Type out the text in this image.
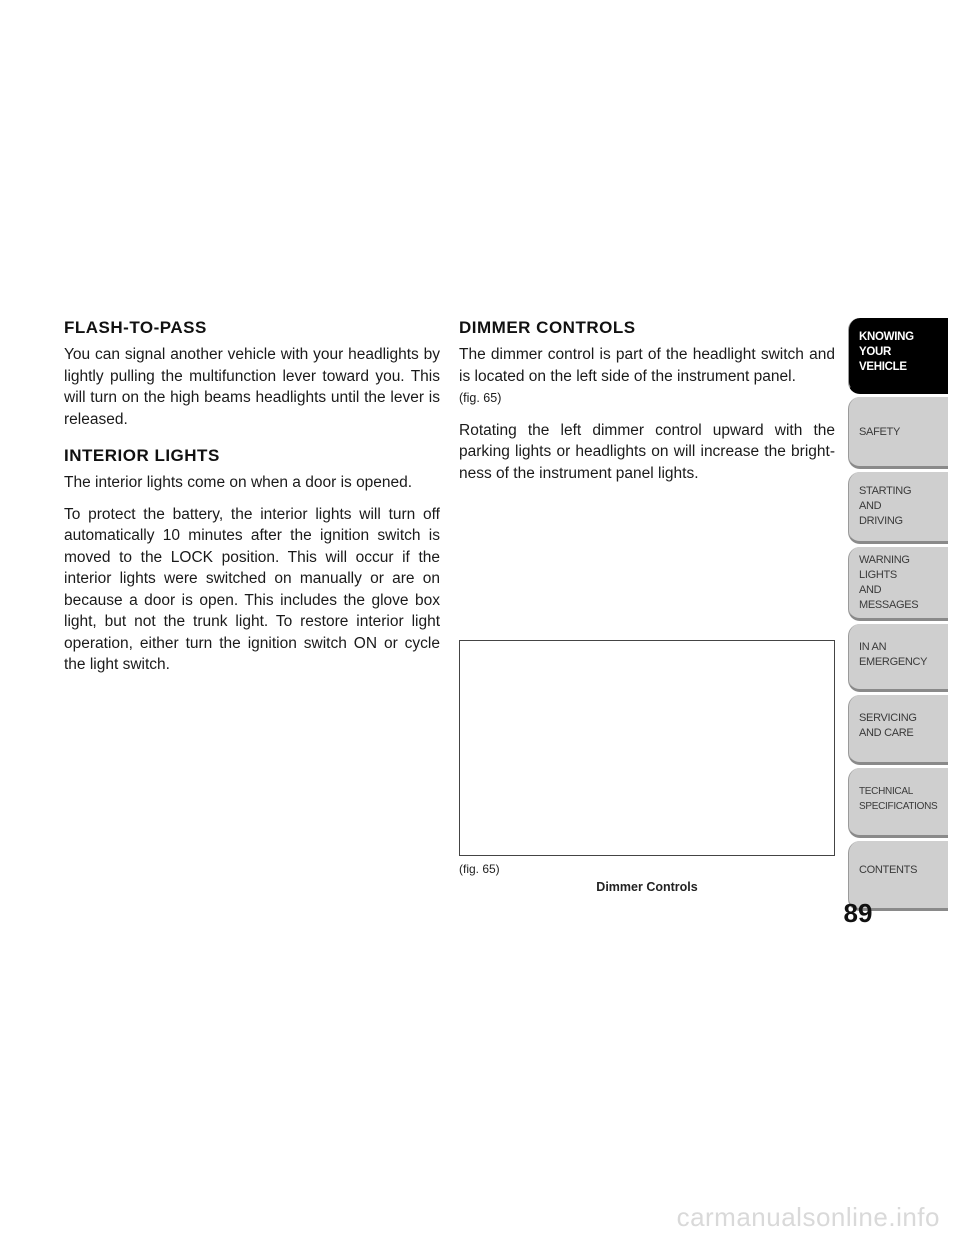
FLASH-TO-PASS

You can signal another vehicle with your headlights by lightly pulling the multifunction lever toward you. This will turn on the high beams headlights until the lever is released.

INTERIOR LIGHTS

The interior lights come on when a door is opened.

To protect the battery, the interior lights will turn off automatically 10 minutes after the ignition switch is moved to the LOCK position. This will occur if the interior lights were switched on manually or are on because a door is open. This includes the glove box light, but not the trunk light. To restore interior light operation, either turn the ignition switch ON or cycle the light switch.

DIMMER CONTROLS

The dimmer control is part of the headlight switch and is located on the left side of the instrument panel.
(fig. 65)

Rotating the left dimmer control upward with the parking lights or headlights on will increase the bright-ness of the instrument panel lights.

(fig. 65)
Dimmer Controls
KNOWING
YOUR
VEHICLE
SAFETY
STARTING
AND
DRIVING
WARNING
LIGHTS
AND
MESSAGES
IN AN
EMERGENCY
SERVICING
AND CARE
TECHNICAL
SPECIFICATIONS
CONTENTS
89
carmanualsonline.info
